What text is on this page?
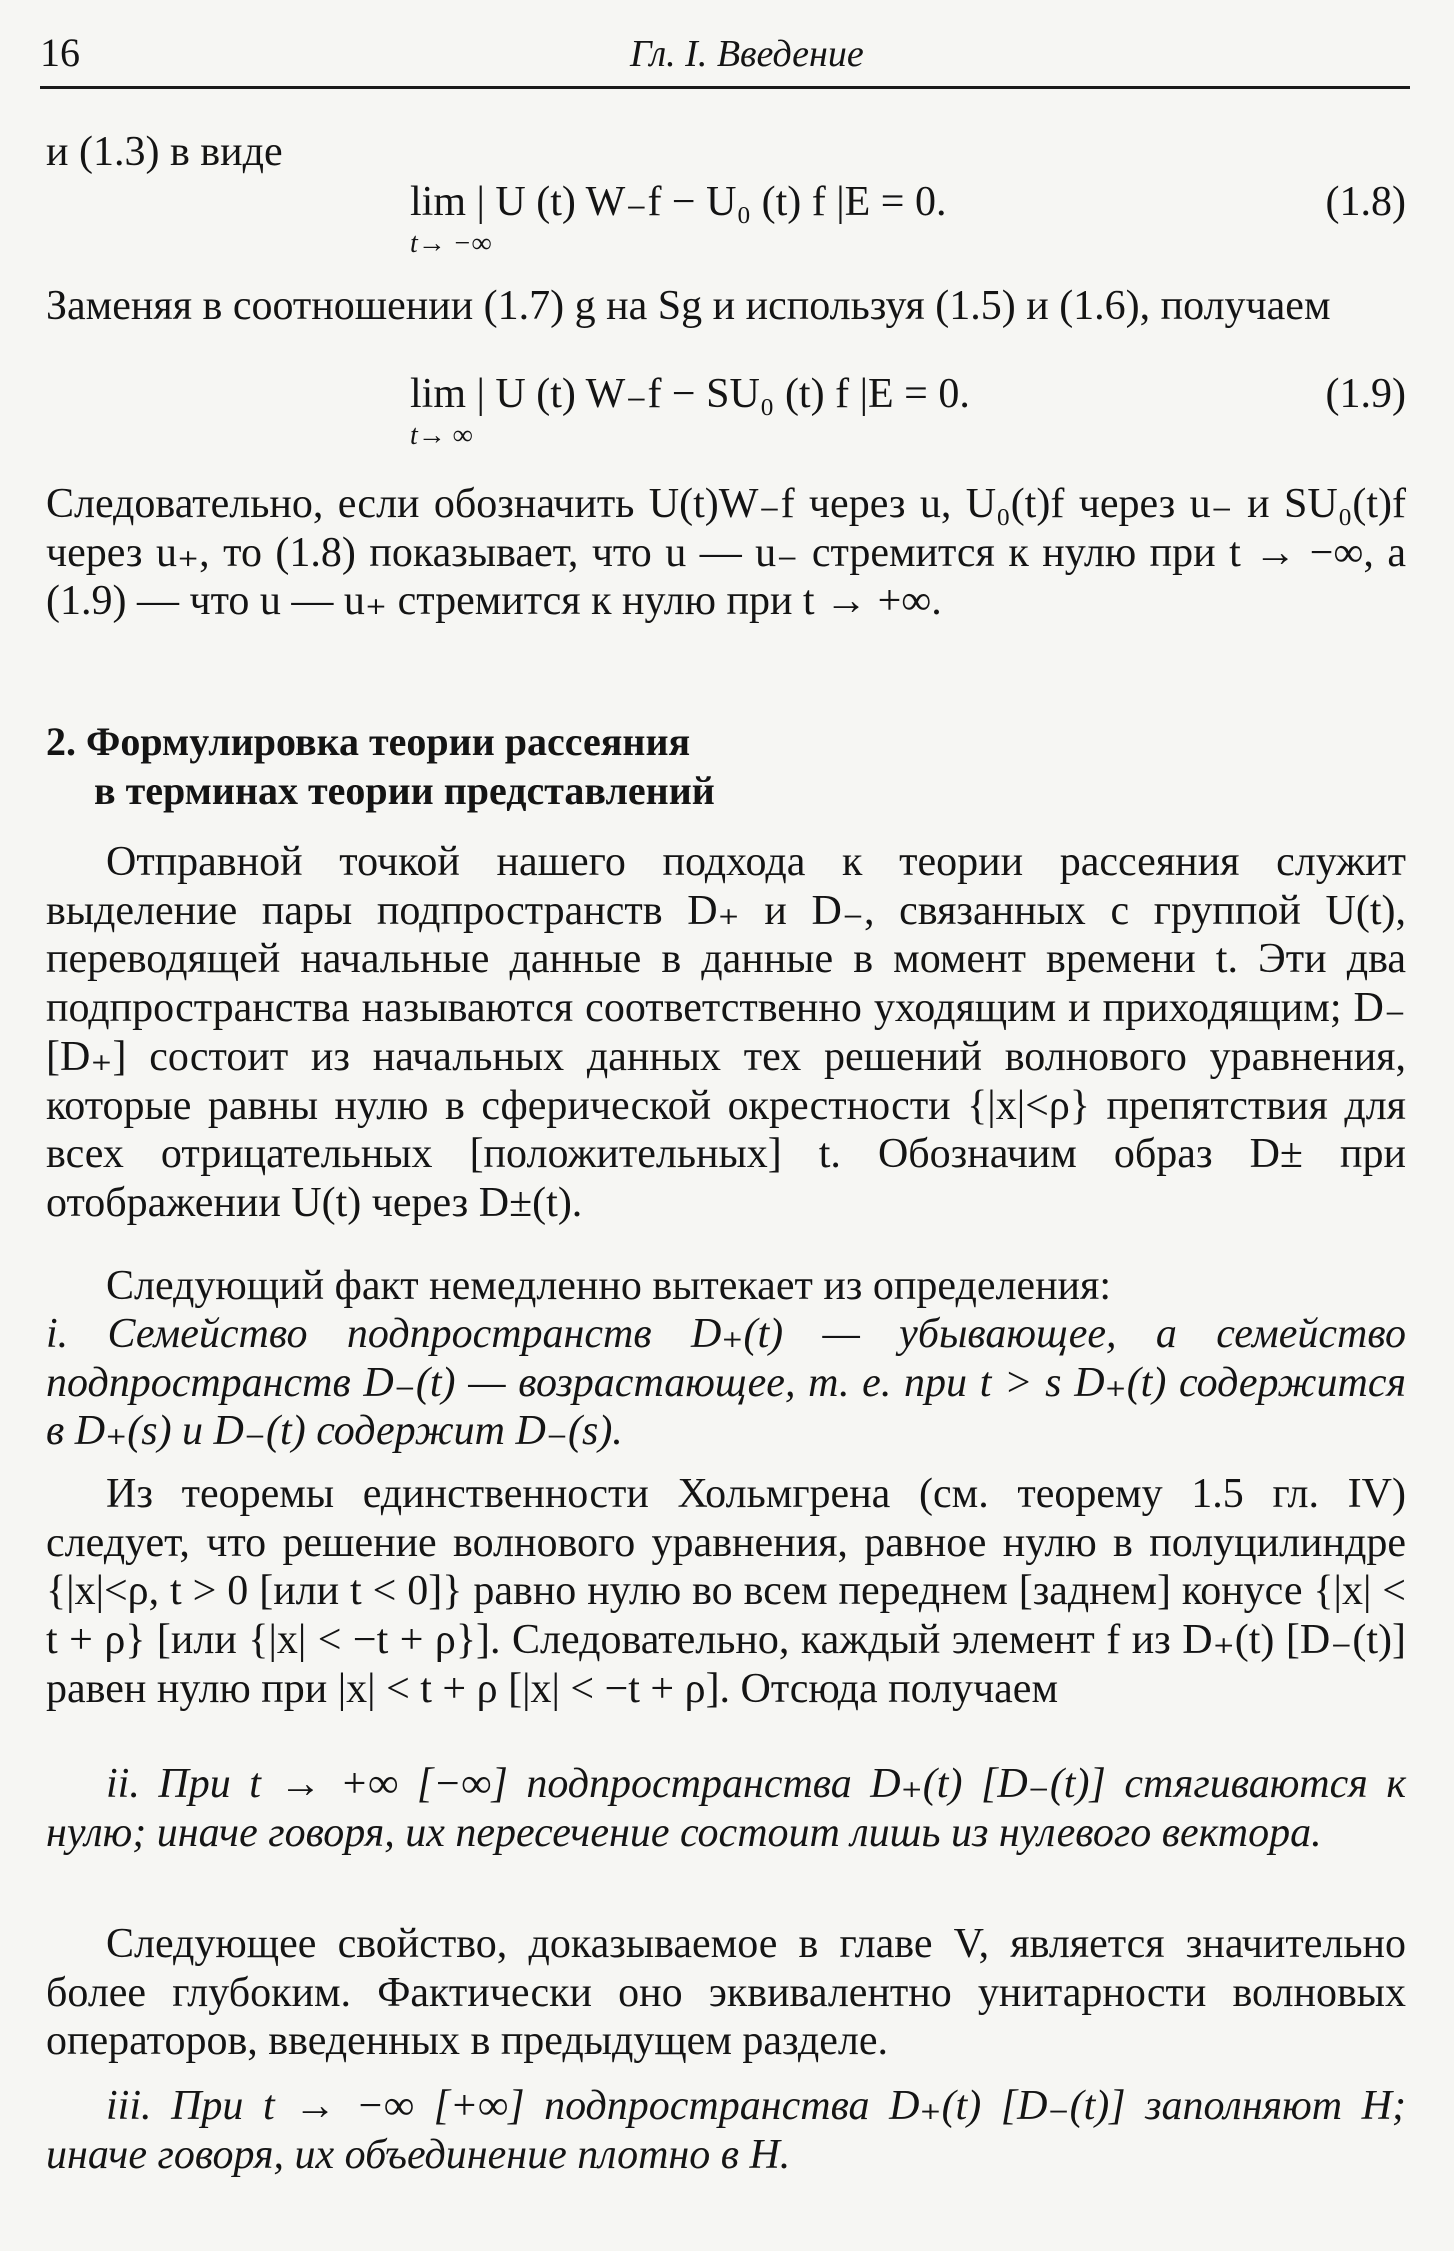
16	Гл. I. Введение

и (1.3) в виде

lim | U (t) W₋f − U₀ (t) f |E = 0.
t→ −∞
(1.8)

Заменяя в соотношении (1.7) g на Sg и используя (1.5) и (1.6), получаем

lim | U (t) W₋f − SU₀ (t) f |E = 0.
t→ ∞
(1.9)

Следовательно, если обозначить U(t)W₋f через u, U₀(t)f через u₋ и SU₀(t)f через u₊, то (1.8) показывает, что u — u₋ стремится к нулю при t → −∞, а (1.9) — что u — u₊ стремится к нулю при t → +∞.

2. Формулировка теории рассеяния
в терминах теории представлений

Отправной точкой нашего подхода к теории рассеяния служит выделение пары подпространств D₊ и D₋, связанных с группой U(t), переводящей начальные данные в данные в момент времени t. Эти два подпространства называются соответственно уходящим и приходящим; D₋ [D₊] состоит из начальных данных тех решений волнового уравнения, которые равны нулю в сферической окрестности {|x|<ρ} препятствия для всех отрицательных [положительных] t. Обозначим образ D± при отображении U(t) через D±(t).

Следующий факт немедленно вытекает из определения:

i. Семейство подпространств D₊(t) — убывающее, а семейство подпространств D₋(t) — возрастающее, т. е. при t > s D₊(t) содержится в D₊(s) и D₋(t) содержит D₋(s).

Из теоремы единственности Хольмгрена (см. теорему 1.5 гл. IV) следует, что решение волнового уравнения, равное нулю в полуцилиндре {|x|<ρ, t > 0 [или t < 0]} равно нулю во всем переднем [заднем] конусе {|x| < t + ρ} [или {|x| < −t + ρ}]. Следовательно, каждый элемент f из D₊(t) [D₋(t)] равен нулю при |x| < t + ρ [|x| < −t + ρ]. Отсюда получаем

ii. При t → +∞ [−∞] подпространства D₊(t) [D₋(t)] стягиваются к нулю; иначе говоря, их пересечение состоит лишь из нулевого вектора.

Следующее свойство, доказываемое в главе V, является значительно более глубоким. Фактически оно эквивалентно унитарности волновых операторов, введенных в предыдущем разделе.

iii. При t → −∞ [+∞] подпространства D₊(t) [D₋(t)] заполняют H; иначе говоря, их объединение плотно в H.
